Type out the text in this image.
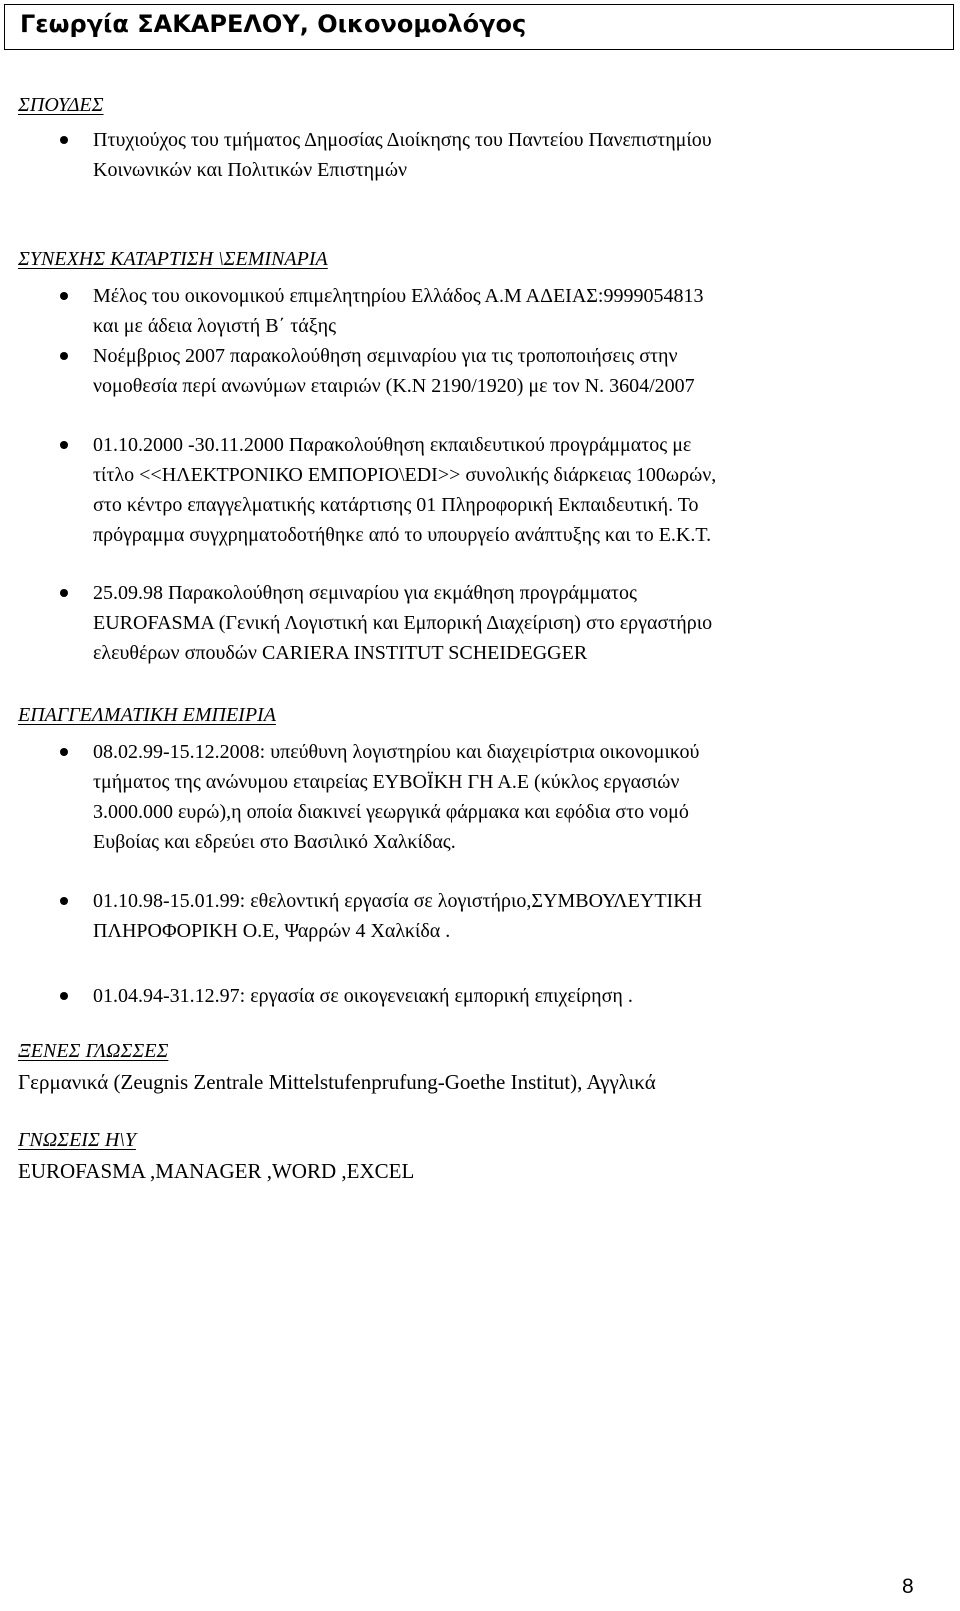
Γεωργία ΣΑΚΑΡΕΛΟΥ, Οικονομολόγος
ΣΠΟΥΔΕΣ
Πτυχιούχος του τμήματος Δημοσίας Διοίκησης του Παντείου Πανεπιστημίου
Κοινωνικών και Πολιτικών Επιστημών
ΣΥΝΕΧΗΣ ΚΑΤΑΡΤΙΣΗ \ΣΕΜΙΝΑΡΙΑ
Μέλος του οικονομικού επιμελητηρίου Ελλάδος Α.Μ ΑΔΕΙΑΣ:9999054813
και με άδεια λογιστή Β΄ τάξης
Νοέμβριος 2007 παρακολούθηση σεμιναρίου για τις τροποποιήσεις στην
νομοθεσία περί ανωνύμων εταιριών (Κ.Ν 2190/1920) με τον Ν. 3604/2007
01.10.2000 -30.11.2000 Παρακολούθηση εκπαιδευτικού προγράμματος με
τίτλο <<ΗΛΕΚΤΡΟΝΙΚΟ ΕΜΠΟΡΙΟ\EDI>> συνολικής διάρκειας 100ωρών,
στο κέντρο επαγγελματικής κατάρτισης 01 Πληροφορική Εκπαιδευτική. Το
πρόγραμμα συγχρηματοδοτήθηκε από το υπουργείο ανάπτυξης και το Ε.Κ.Τ.
25.09.98 Παρακολούθηση σεμιναρίου για εκμάθηση προγράμματος
EUROFASMA (Γενική Λογιστική και Εμπορική Διαχείριση) στο εργαστήριο
ελευθέρων σπουδών CARIERA INSTITUT SCHEIDEGGER
ΕΠΑΓΓΕΛΜΑΤΙΚΗ ΕΜΠΕΙΡΙΑ
08.02.99-15.12.2008: υπεύθυνη λογιστηρίου και διαχειρίστρια οικονομικού
τμήματος της ανώνυμου εταιρείας ΕΥΒΟΪΚΗ ΓΗ Α.Ε (κύκλος εργασιών
3.000.000 ευρώ),η οποία διακινεί γεωργικά φάρμακα και εφόδια στο νομό
Ευβοίας και εδρεύει στο Βασιλικό Χαλκίδας.
01.10.98-15.01.99: εθελοντική εργασία σε λογιστήριο,ΣΥΜΒΟΥΛΕΥΤΙΚΗ
ΠΛΗΡΟΦΟΡΙΚΗ Ο.Ε, Ψαρρών 4 Χαλκίδα .
01.04.94-31.12.97: εργασία σε οικογενειακή εμπορική επιχείρηση .
ΞΕΝΕΣ ΓΛΩΣΣΕΣ
Γερμανικά (Zeugnis Zentrale Mittelstufenprufung-Goethe Institut), Αγγλικά
ΓΝΩΣΕΙΣ Η\Υ
EUROFASMA ,MANAGER ,WORD ,EXCEL
8
